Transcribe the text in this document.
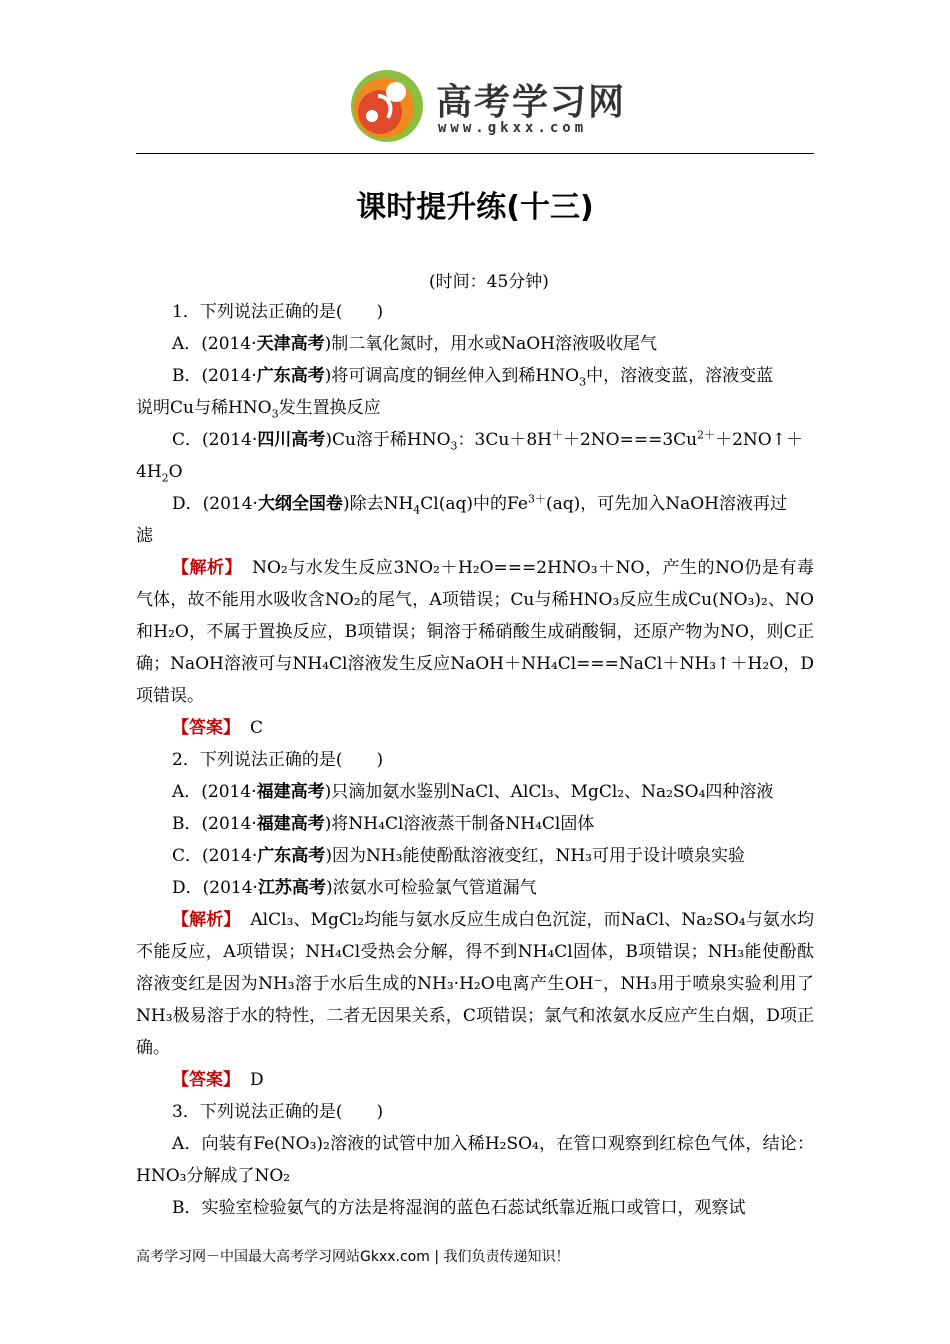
高考学习网
www.gkxx.com
课时提升练(十三)
(时间：45分钟)

1．下列说法正确的是(　　)

A．(2014·天津高考)制二氧化氮时，用水或NaOH溶液吸收尾气

B．(2014·广东高考)将可调高度的铜丝伸入到稀$HNO_3$中，溶液变蓝，溶液变蓝

说明Cu与稀$HNO_3$发生置换反应

C．(2014·四川高考)Cu溶于稀$HNO_3$：$3Cu+8H^++2NO===3Cu^{2+}+2NO↑+$

$4H_2O$

D．(2014·大纲全国卷)除去$NH_4Cl(aq)$中的$Fe^{3+}(aq)$，可先加入NaOH溶液再过

滤

【解析】 NO₂与水发生反应3NO₂＋H₂O===2HNO₃＋NO，产生的NO仍是有毒气体，故不能用水吸收含NO₂的尾气，A项错误；Cu与稀HNO₃反应生成Cu(NO₃)₂、NO和H₂O，不属于置换反应，B项错误；铜溶于稀硝酸生成硝酸铜，还原产物为NO，则C正确；NaOH溶液可与NH₄Cl溶液发生反应NaOH＋NH₄Cl===NaCl＋NH₃↑＋H₂O，D项错误。

【答案】 C

2．下列说法正确的是(　　)

A．(2014·福建高考)只滴加氨水鉴别NaCl、AlCl₃、MgCl₂、Na₂SO₄四种溶液

B．(2014·福建高考)将NH₄Cl溶液蒸干制备NH₄Cl固体

C．(2014·广东高考)因为NH₃能使酚酞溶液变红，NH₃可用于设计喷泉实验

D．(2014·江苏高考)浓氨水可检验氯气管道漏气

【解析】 AlCl₃、MgCl₂均能与氨水反应生成白色沉淀，而NaCl、Na₂SO₄与氨水均不能反应，A项错误；NH₄Cl受热会分解，得不到NH₄Cl固体，B项错误；NH₃能使酚酞溶液变红是因为NH₃溶于水后生成的NH₃·H₂O电离产生OH⁻，NH₃用于喷泉实验利用了NH₃极易溶于水的特性，二者无因果关系，C项错误；氯气和浓氨水反应产生白烟，D项正确。

【答案】 D

3．下列说法正确的是(　　)

A．向装有Fe(NO₃)₂溶液的试管中加入稀H₂SO₄，在管口观察到红棕色气体，结论：HNO₃分解成了NO₂

B．实验室检验氨气的方法是将湿润的蓝色石蕊试纸靠近瓶口或管口，观察试

高考学习网－中国最大高考学习网站Gkxx.com | 我们负责传递知识！
